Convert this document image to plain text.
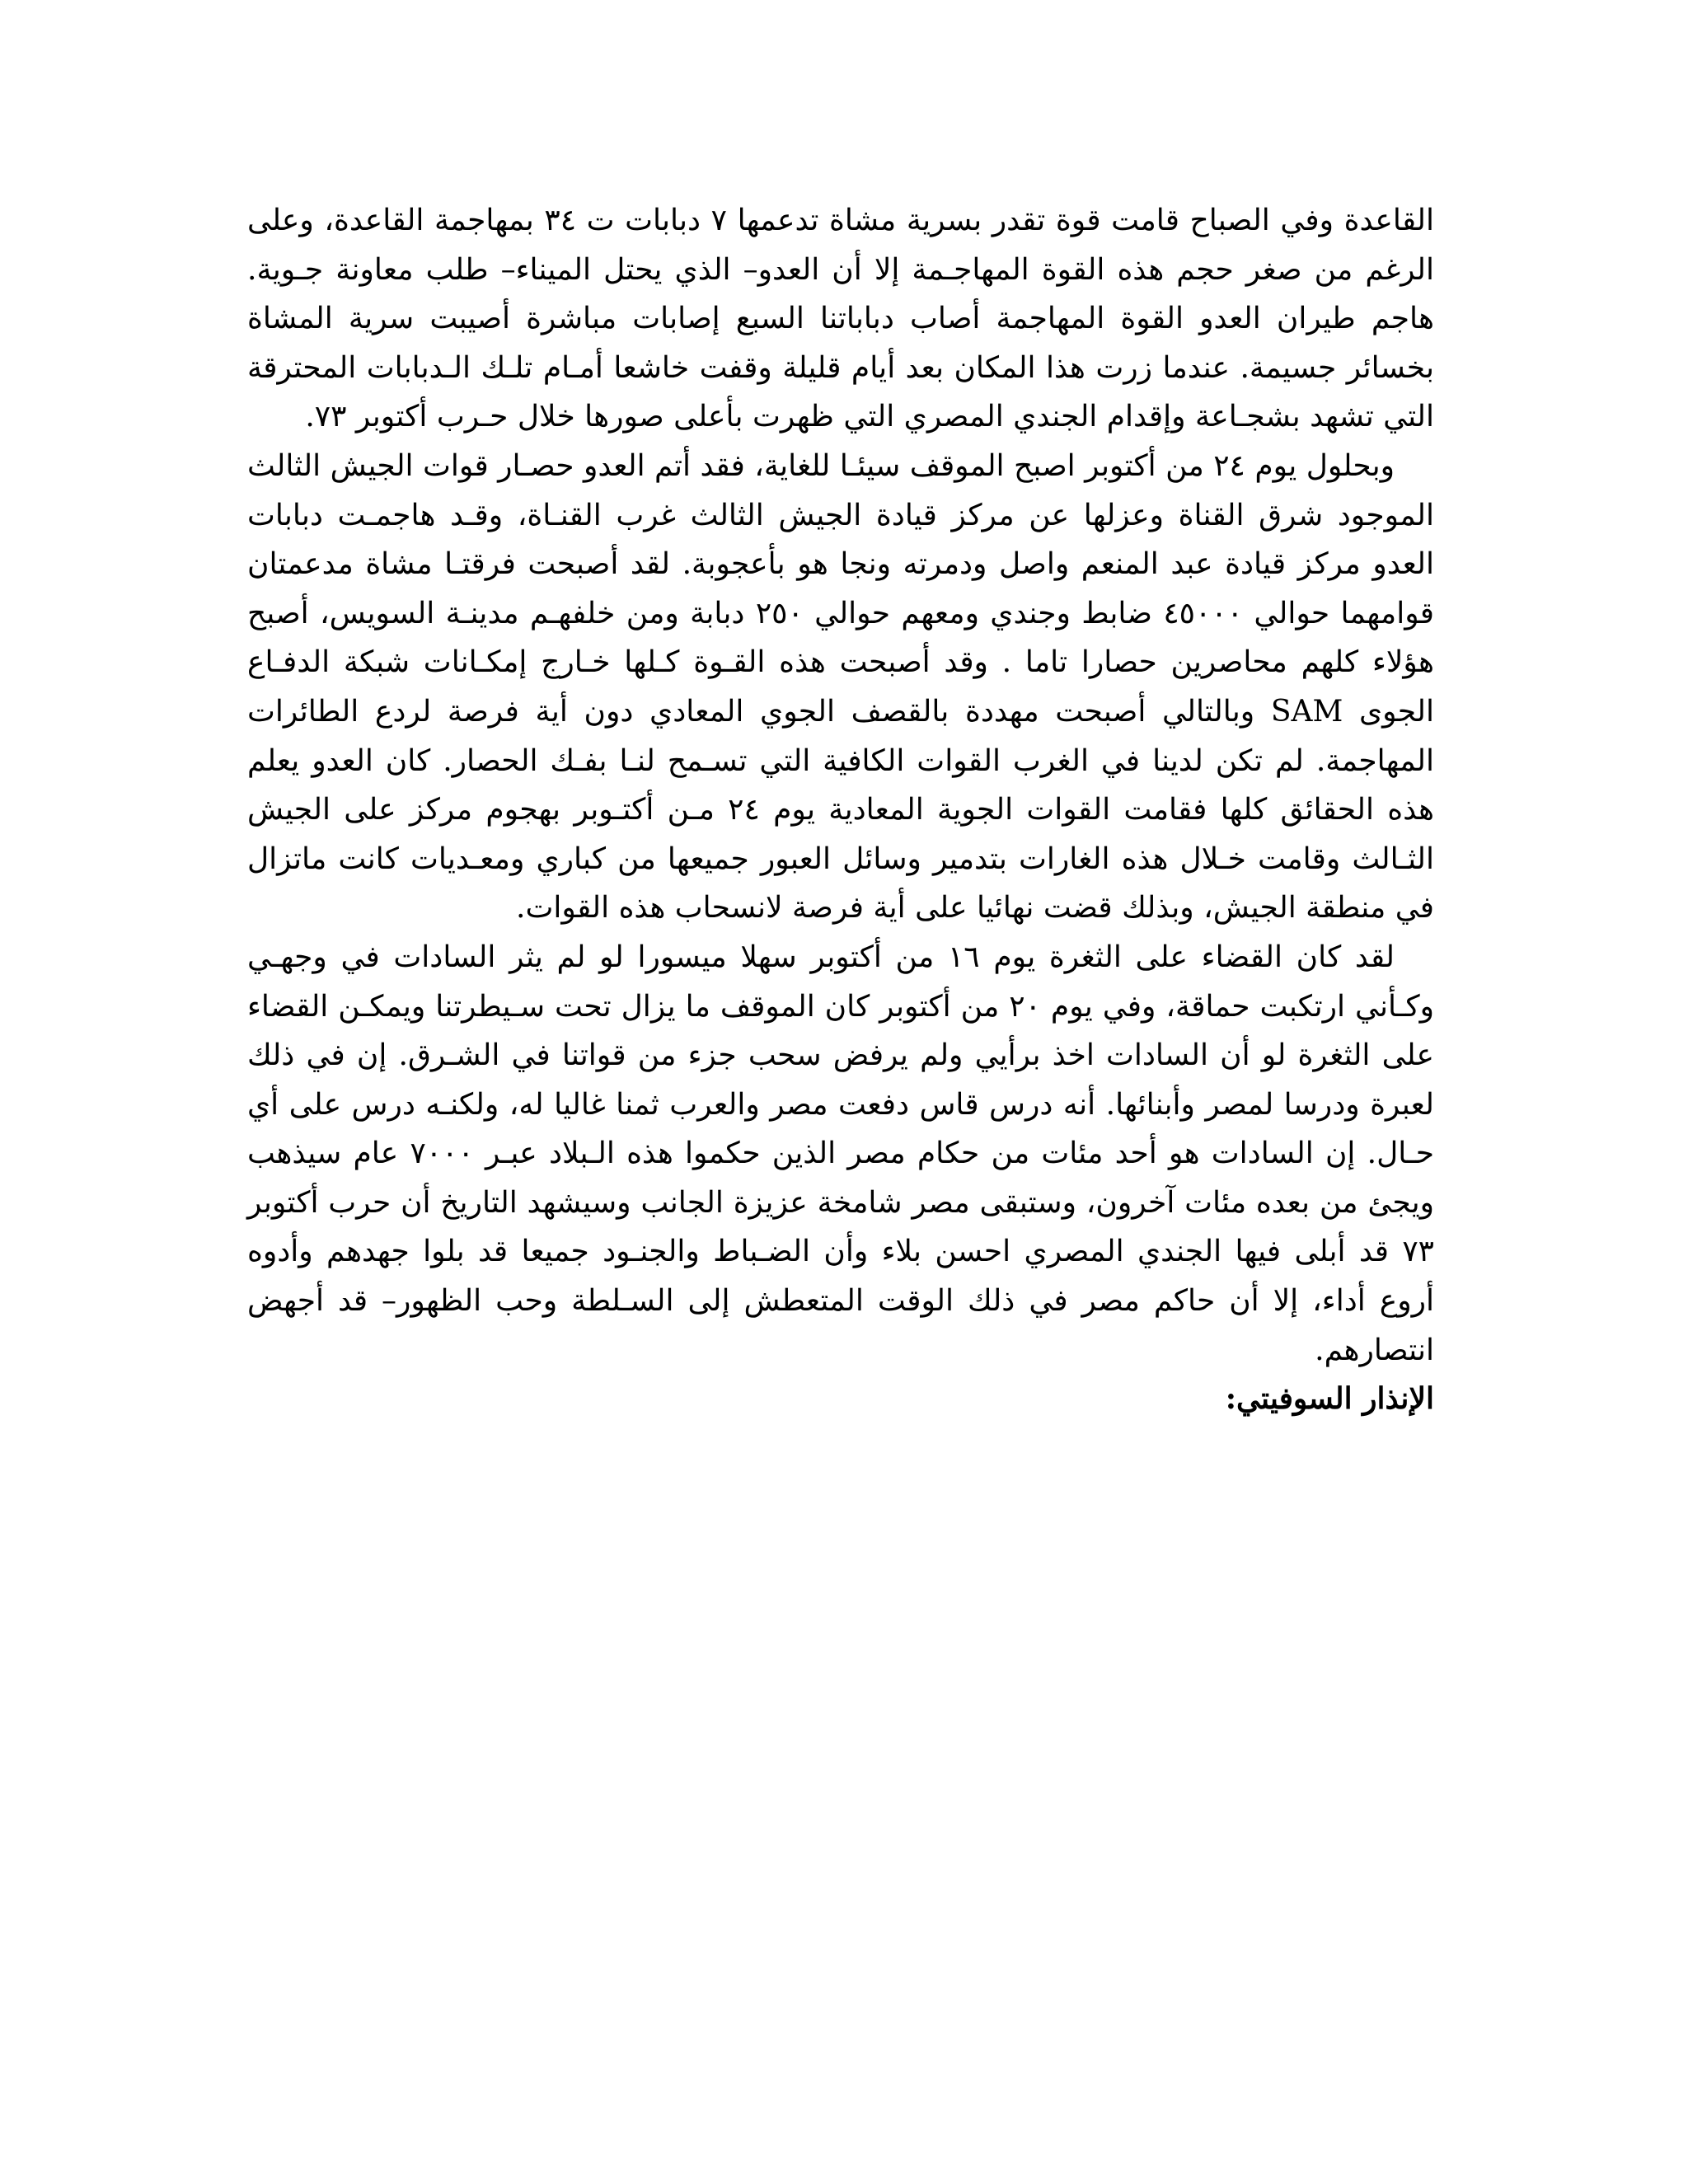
القاعدة وفي الصباح قامت قوة تقدر بسرية مشاة تدعمها ٧ دبابات ت ٣٤ بمهاجمة القاعدة، وعلى الرغم من صغر حجم هذه القوة المهاجـمة إلا أن العدو– الذي يحتل الميناء– طلب معاونة جـوية. هاجم طيران العدو القوة المهاجمة أصاب دباباتنا السبع إصابات مباشرة أصيبت سرية المشاة بخسائر جسيمة. عندما زرت هذا المكان بعد أيام قليلة وقفت خاشعا أمـام تلـك الـدبابات المحترقة التي تشهد بشجـاعة وإقدام الجندي المصري التي ظهرت بأعلى صورها خلال حـرب أكتوبر ٧٣.

وبحلول يوم ٢٤ من أكتوبر اصبح الموقف سيئـا للغاية، فقد أتم العدو حصـار قوات الجيش الثالث الموجود شرق القناة وعزلها عن مركز قيادة الجيش الثالث غرب القنـاة، وقـد هاجمـت دبابات العدو مركز قيادة عبد المنعم واصل ودمرته ونجا هو بأعجوبة. لقد أصبحت فرقتـا مشاة مدعمتان قوامهما حوالي ٤٥٠٠٠ ضابط وجندي ومعهم حوالي ٢٥٠ دبابة ومن خلفهـم مدينـة السويس، أصبح هؤلاء كلهم محاصرين حصارا تاما . وقد أصبحت هذه القـوة كـلها خـارج إمكـانات شبكة الدفـاع الجوى SAM وبالتالي أصبحت مهددة بالقصف الجوي المعادي دون أية فرصة لردع الطائرات المهاجمة. لم تكن لدينا في الغرب القوات الكافية التي تسـمح لنـا بفـك الحصار. كان العدو يعلم هذه الحقائق كلها فقامت القوات الجوية المعادية يوم ٢٤ مـن أكتـوبر بهجوم مركز على الجيش الثـالث وقامت خـلال هذه الغارات بتدمير وسائل العبور جميعها من كباري ومعـديات كانت ماتزال في منطقة الجيش، وبذلك قضت نهائيا على أية فرصة لانسحاب هذه القوات.

لقد كان القضاء على الثغرة يوم ١٦ من أكتوبر سهلا ميسورا لو لم يثر السادات في وجهـي وكـأني ارتكبت حماقة، وفي يوم ٢٠ من أكتوبر كان الموقف ما يزال تحت سـيطرتنا ويمكـن القضاء على الثغرة لو أن السادات اخذ برأيي ولم يرفض سحب جزء من قواتنا في الشـرق. إن في ذلك لعبرة ودرسا لمصر وأبنائها. أنه درس قاس دفعت مصر والعرب ثمنا غاليا له، ولكنـه درس على أي حـال. إن السادات هو أحد مئات من حكام مصر الذين حكموا هذه الـبلاد عبـر ٧٠٠٠ عام سيذهب ويجئ من بعده مئات آخرون، وستبقى مصر شامخة عزيزة الجانب وسيشهد التاريخ أن حرب أكتوبر ٧٣ قد أبلى فيها الجندي المصري احسن بلاء وأن الضـباط والجنـود جميعا قد بلوا جهدهم وأدوه أروع أداء، إلا أن حاكم مصر في ذلك الوقت المتعطش إلى السـلطة وحب الظهور– قد أجهض انتصارهم.

الإنذار السوفيتي:
